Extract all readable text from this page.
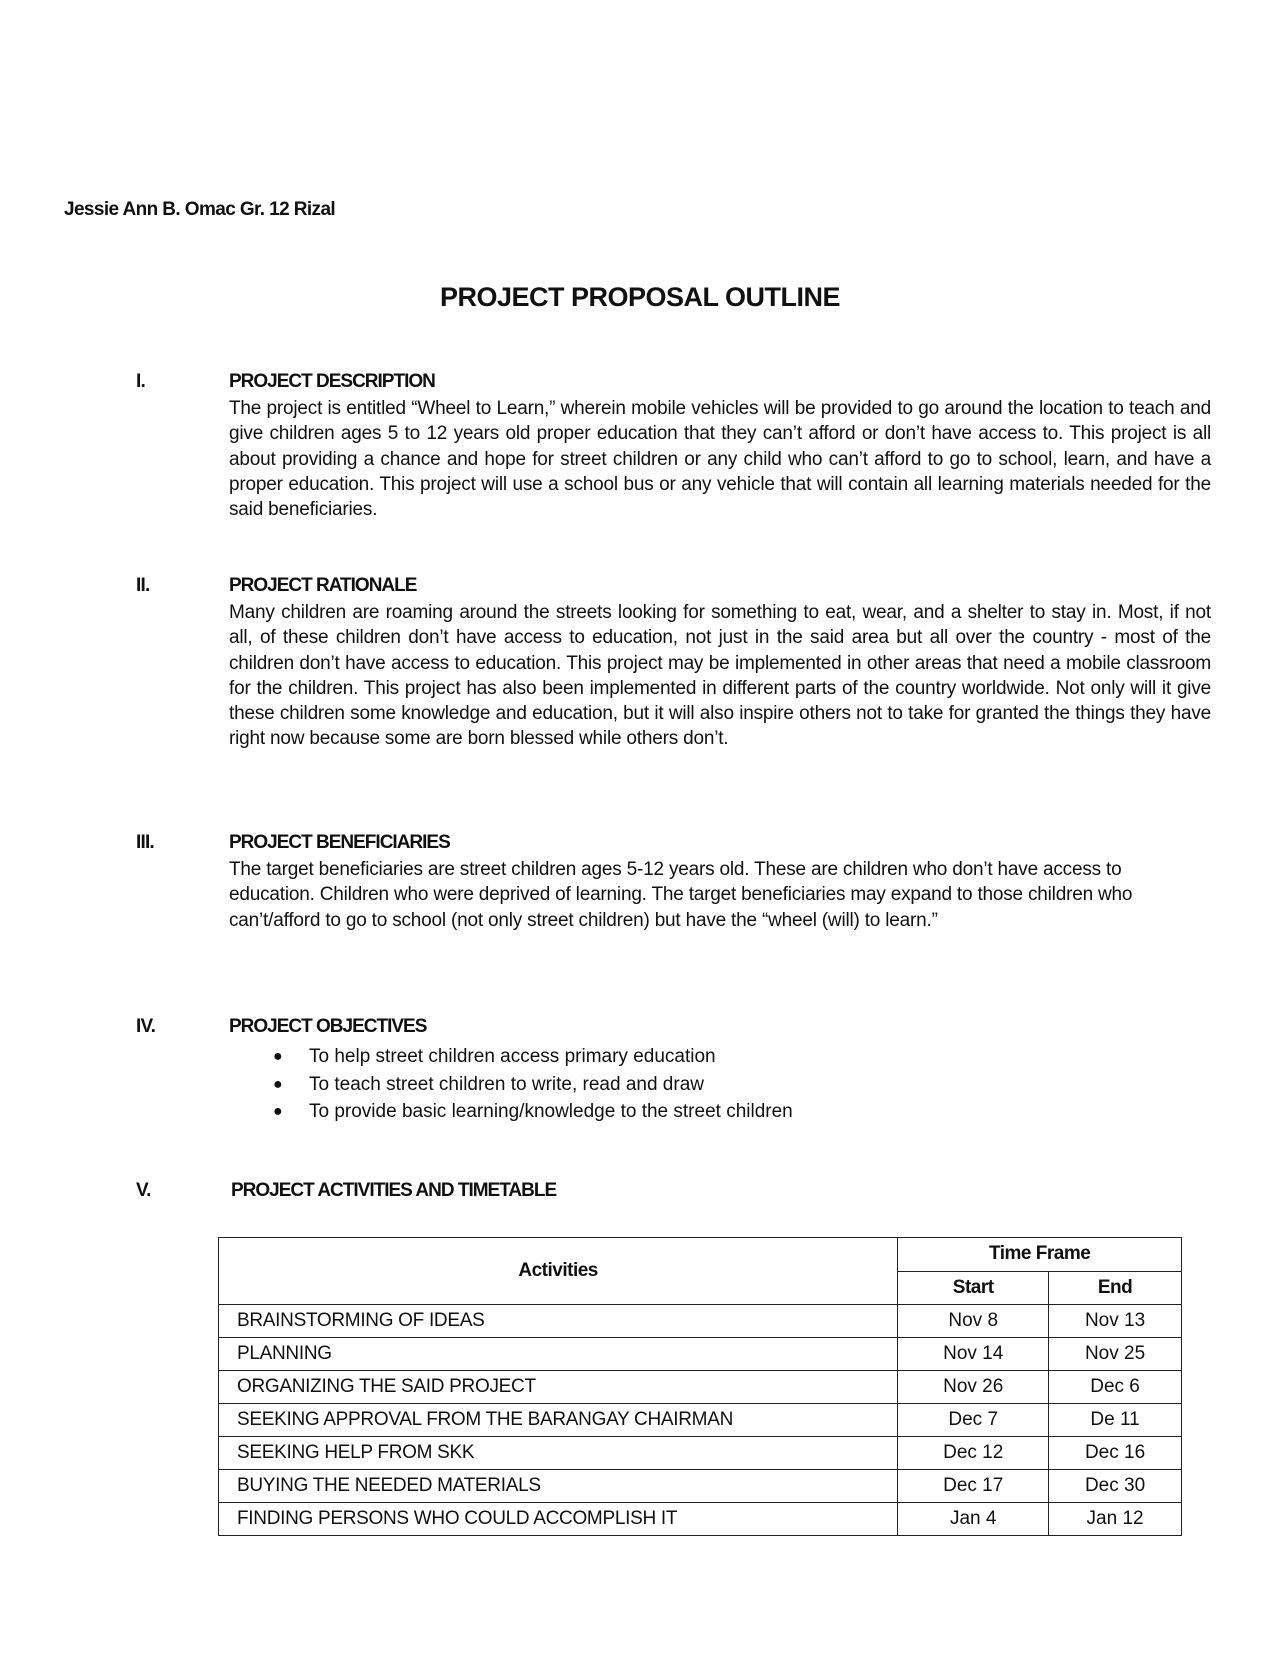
Jessie Ann B. Omac Gr. 12 Rizal
PROJECT PROPOSAL OUTLINE
I.	PROJECT DESCRIPTION
The project is entitled “Wheel to Learn,” wherein mobile vehicles will be provided to go around the location to teach and give children ages 5 to 12 years old proper education that they can’t afford or don’t have access to. This project is all about providing a chance and hope for street children or any child who can’t afford to go to school, learn, and have a proper education. This project will use a school bus or any vehicle that will contain all learning materials needed for the said beneficiaries.
II.	PROJECT RATIONALE
Many children are roaming around the streets looking for something to eat, wear, and a shelter to stay in. Most, if not all, of these children don’t have access to education, not just in the said area but all over the country - most of the children don’t have access to education. This project may be implemented in other areas that need a mobile classroom for the children. This project has also been implemented in different parts of the country worldwide. Not only will it give these children some knowledge and education, but it will also inspire others not to take for granted the things they have right now because some are born blessed while others don’t.
III.	PROJECT BENEFICIARIES
The target beneficiaries are street children ages 5-12 years old. These are children who don’t have access to education. Children who were deprived of learning. The target beneficiaries may expand to those children who can’t/afford to go to school (not only street children) but have the “wheel (will) to learn.”
IV.	PROJECT OBJECTIVES
● To help street children access primary education
● To teach street children to write, read and draw
● To provide basic learning/knowledge to the street children
V.	PROJECT ACTIVITIES AND TIMETABLE
Activities	Time Frame	
	Start	End
BRAINSTORMING OF IDEAS	Nov 8	Nov 13
PLANNING	Nov 14	Nov 25
ORGANIZING THE SAID PROJECT	Nov 26	Dec 6
SEEKING APPROVAL FROM THE BARANGAY CHAIRMAN	Dec 7	De 11
SEEKING HELP FROM SKK	Dec 12	Dec 16
BUYING THE NEEDED MATERIALS	Dec 17	Dec 30
FINDING PERSONS WHO COULD ACCOMPLISH IT	Jan 4	Jan 12
